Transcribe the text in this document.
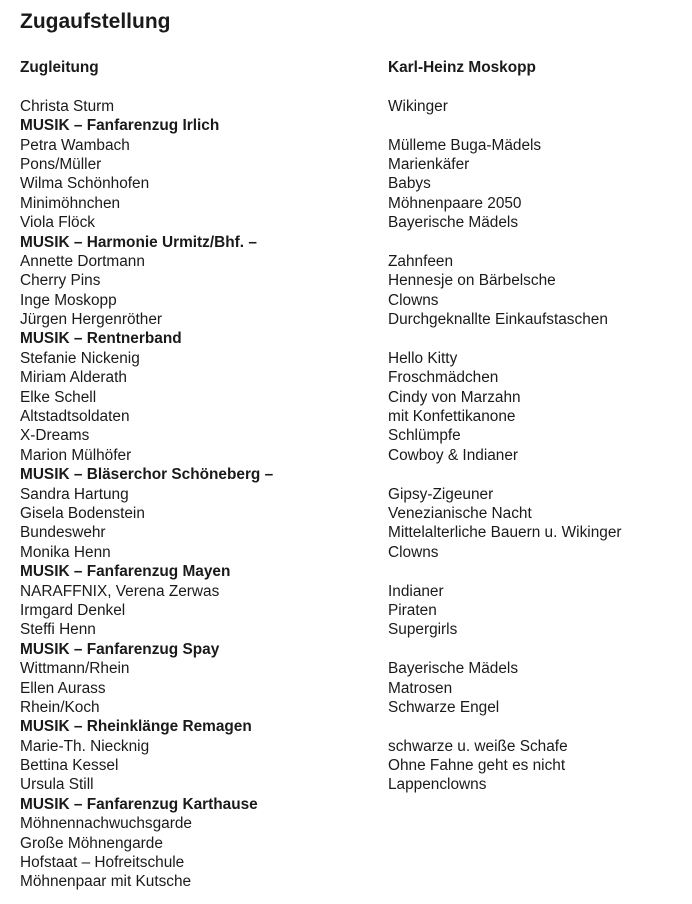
Zugaufstellung
Zugleitung	Karl-Heinz Moskopp
Christa Sturm	Wikinger
MUSIK – Fanfarenzug Irlich
Petra Wambach	Mülleme Buga-Mädels
Pons/Müller	Marienkäfer
Wilma Schönhofen	Babys
Minimöhnchen	Möhnenpaare 2050
Viola Flöck	Bayerische Mädels
MUSIK – Harmonie Urmitz/Bhf. –
Annette Dortmann	Zahnfeen
Cherry Pins	Hennesje on Bärbelsche
Inge Moskopp	Clowns
Jürgen Hergenröther	Durchgeknallte Einkaufstaschen
MUSIK – Rentnerband
Stefanie Nickenig	Hello Kitty
Miriam Alderath	Froschmädchen
Elke Schell	Cindy von Marzahn
Altstadtsoldaten	mit Konfettikanone
X-Dreams	Schlümpfe
Marion Mülhöfer	Cowboy & Indianer
MUSIK – Bläserchor Schöneberg –
Sandra Hartung	Gipsy-Zigeuner
Gisela Bodenstein	Venezianische Nacht
Bundeswehr	Mittelalterliche Bauern u. Wikinger
Monika Henn	Clowns
MUSIK – Fanfarenzug Mayen
NARAFFNIX, Verena Zerwas	Indianer
Irmgard Denkel	Piraten
Steffi Henn	Supergirls
MUSIK – Fanfarenzug Spay
Wittmann/Rhein	Bayerische Mädels
Ellen Aurass	Matrosen
Rhein/Koch	Schwarze Engel
MUSIK – Rheinklänge Remagen
Marie-Th. Niecknig	schwarze u. weiße Schafe
Bettina Kessel	Ohne Fahne geht es nicht
Ursula Still	Lappenclowns
MUSIK – Fanfarenzug Karthause
Möhnennachwuchsgarde
Große Möhnengarde
Hofstaat – Hofreitschule
Möhnenpaar mit Kutsche
